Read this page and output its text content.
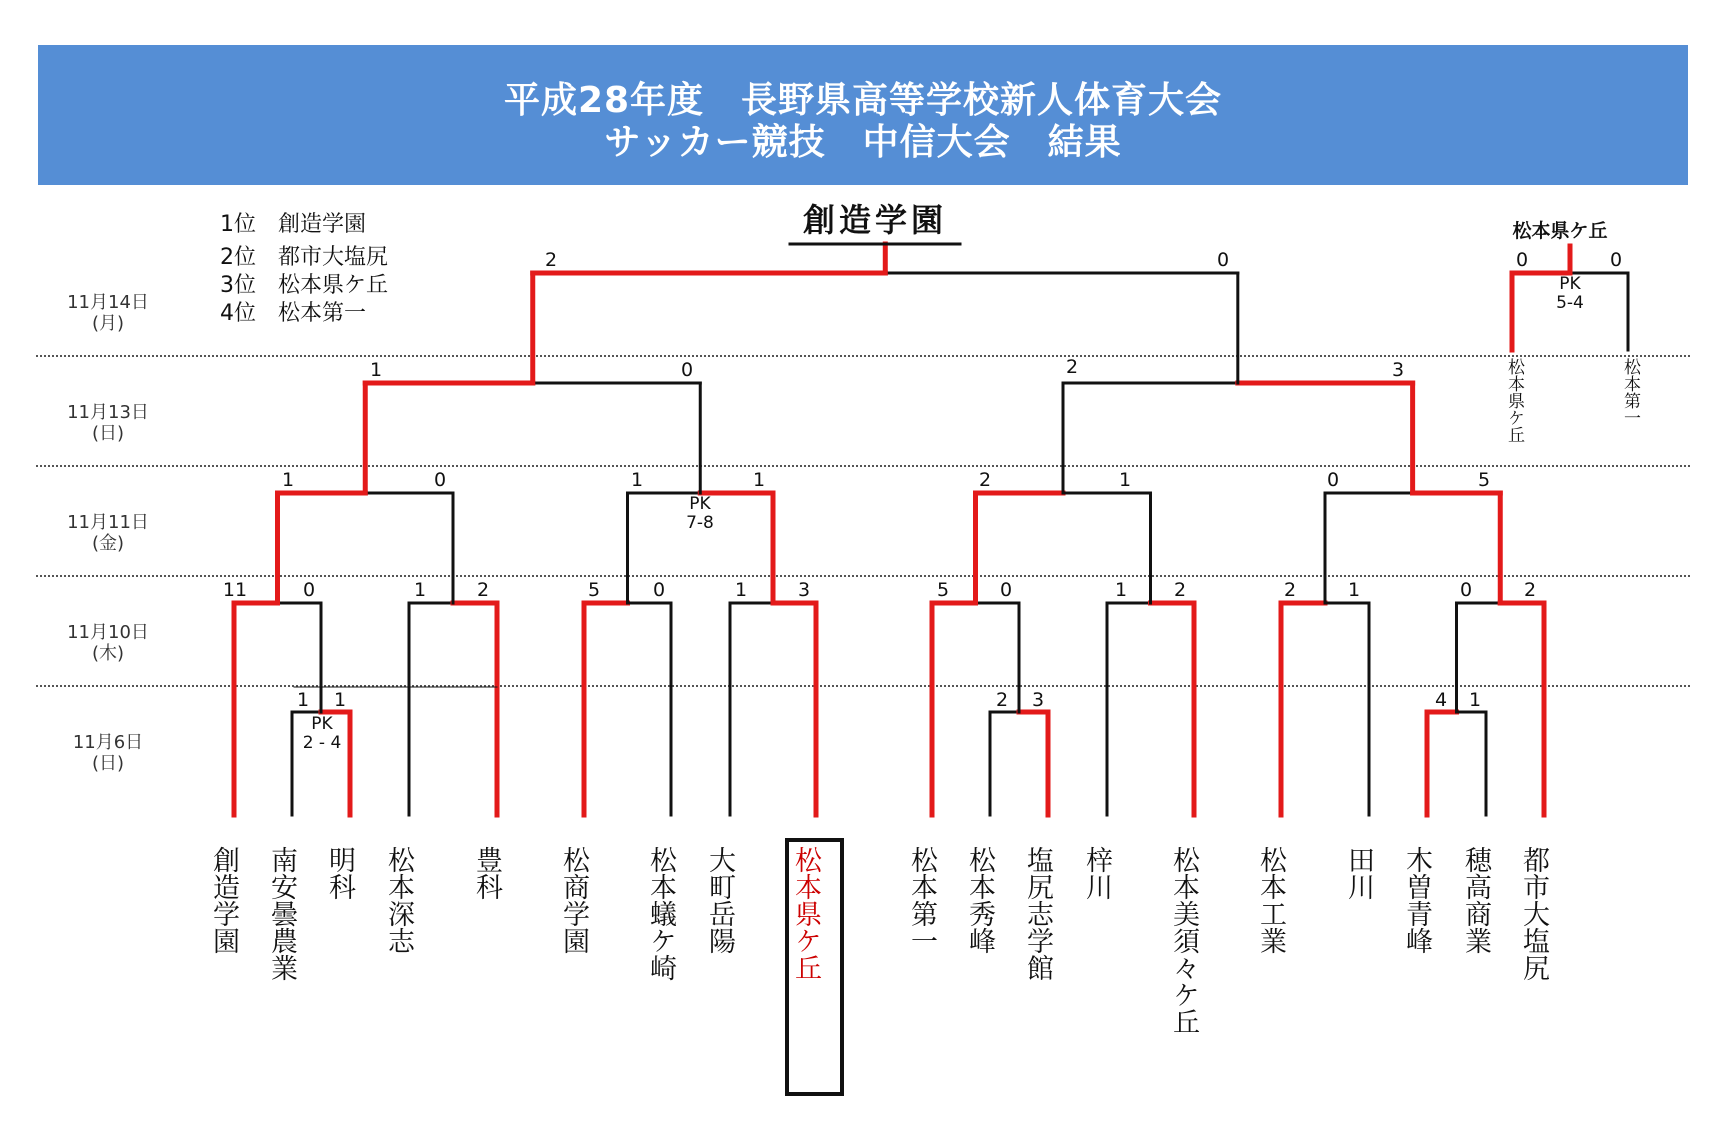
平成28年度　長野県高等学校新人体育大会
サッカー競技　中信大会　結果
1位　創造学園
2位　都市大塩尻
3位　松本県ケ丘
4位　松本第一
11月14日
(月)
11月13日
(日)
11月11日
(金)
11月10日
(木)
11月6日
(日)
創造学園	松本県ケ丘
0	0
PK
5-4
松本県ケ丘	松本第一
2	0
1	0	2	3
1	0	1	1	2	1	0	5
PK
7-8
11	0	1	2	5	0	1	3	5	0	1 2	2	1	0	2
1 1	2 3	4 1
PK
2 - 4
創造学園	南安曇農業	明科	松本深志	豊科	松商学園	松本蟻ケ崎	大町岳陽	松本県ケ丘	松本第一	松本秀峰	塩尻志学館	梓川	松本美須々ケ丘	松本工業	田川	木曽青峰	穂高商業	都市大塩尻
